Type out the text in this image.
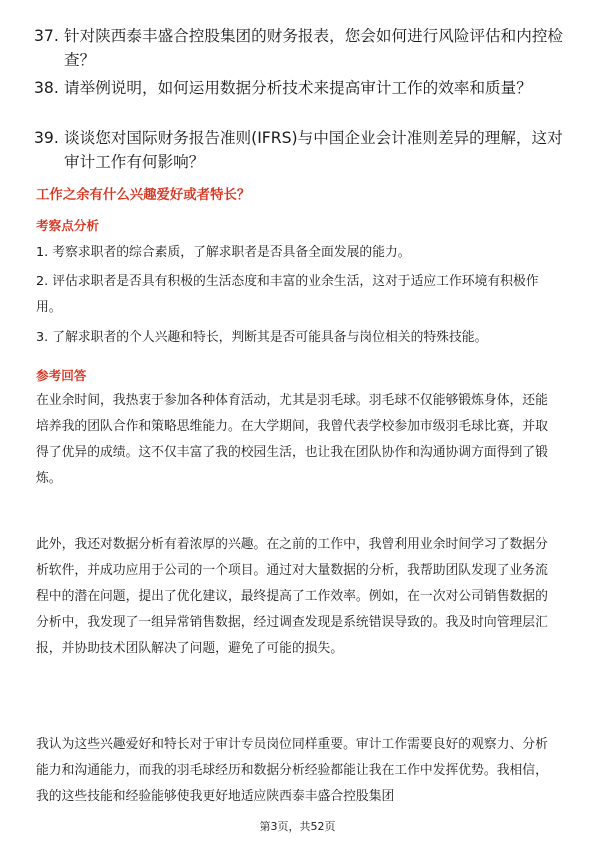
37. 针对陕西泰丰盛合控股集团的财务报表，您会如何进行风险评估和内控检查？
38. 请举例说明，如何运用数据分析技术来提高审计工作的效率和质量？
39. 谈谈您对国际财务报告准则(IFRS)与中国企业会计准则差异的理解，这对审计工作有何影响？
工作之余有什么兴趣爱好或者特长？
考察点分析
1. 考察求职者的综合素质，了解求职者是否具备全面发展的能力。
2. 评估求职者是否具有积极的生活态度和丰富的业余生活，这对于适应工作环境有积极作用。
3. 了解求职者的个人兴趣和特长，判断其是否可能具备与岗位相关的特殊技能。
参考回答
在业余时间，我热衷于参加各种体育活动，尤其是羽毛球。羽毛球不仅能够锻炼身体，还能培养我的团队合作和策略思维能力。在大学期间，我曾代表学校参加市级羽毛球比赛，并取得了优异的成绩。这不仅丰富了我的校园生活，也让我在团队协作和沟通协调方面得到了锻炼。
此外，我还对数据分析有着浓厚的兴趣。在之前的工作中，我曾利用业余时间学习了数据分析软件，并成功应用于公司的一个项目。通过对大量数据的分析，我帮助团队发现了业务流程中的潜在问题，提出了优化建议，最终提高了工作效率。例如，在一次对公司销售数据的分析中，我发现了一组异常销售数据，经过调查发现是系统错误导致的。我及时向管理层汇报，并协助技术团队解决了问题，避免了可能的损失。
我认为这些兴趣爱好和特长对于审计专员岗位同样重要。审计工作需要良好的观察力、分析能力和沟通能力，而我的羽毛球经历和数据分析经验都能让我在工作中发挥优势。我相信，我的这些技能和经验能够使我更好地适应陕西泰丰盛合控股集团
第3页，共52页
